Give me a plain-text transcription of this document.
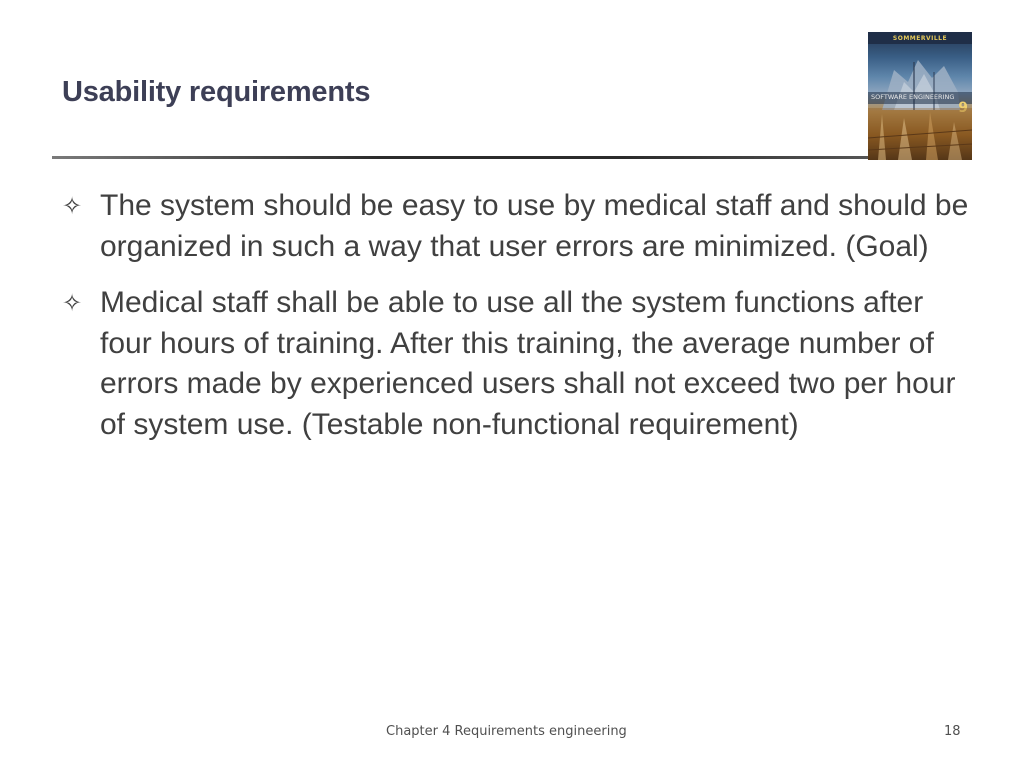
Usability requirements
SOMMERVILLE
SOFTWARE ENGINEERING
9
✧ The system should be easy to use by medical staff and should be organized in such a way that user errors are minimized. (Goal)
✧ Medical staff shall be able to use all the system functions after four hours of training. After this training, the average number of errors made by experienced users shall not exceed two per hour of system use. (Testable non-functional requirement)
Chapter 4 Requirements engineering	18
